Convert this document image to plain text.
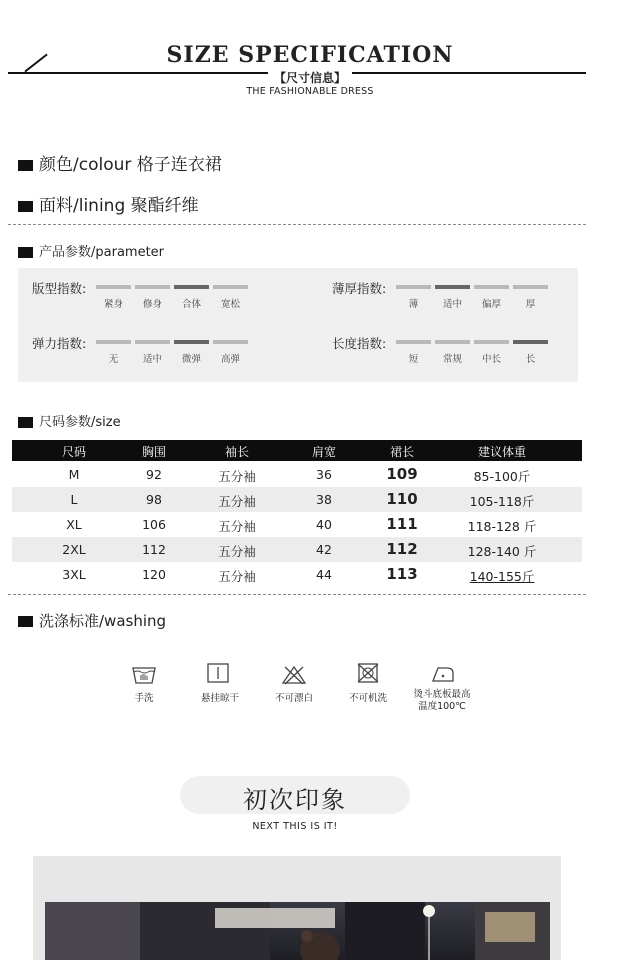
SIZE SPECIFICATION
【尺寸信息】
THE FASHIONABLE DRESS
颜色/colour 格子连衣裙
面料/lining 聚酯纤维
产品参数/parameter
版型指数:
紧身	修身	合体	宽松
薄厚指数:
薄	适中	偏厚	厚
弹力指数:
无	适中	微弹	高弹
长度指数:
短	常规	中长	长
尺码参数/size
尺码	胸围	袖长	肩宽	裙长	建议体重
M	92	五分袖	36	109	85-100斤
L	98	五分袖	38	110	105-118斤
XL	106	五分袖	40	111	118-128 斤
2XL	112	五分袖	42	112	128-140 斤
3XL	120	五分袖	44	113	140-155斤
洗涤标准/washing
手洗	悬挂晾干	不可漂白	不可机洗	烫斗底板最高
温度100℃
初次印象
NEXT THIS IS IT!
